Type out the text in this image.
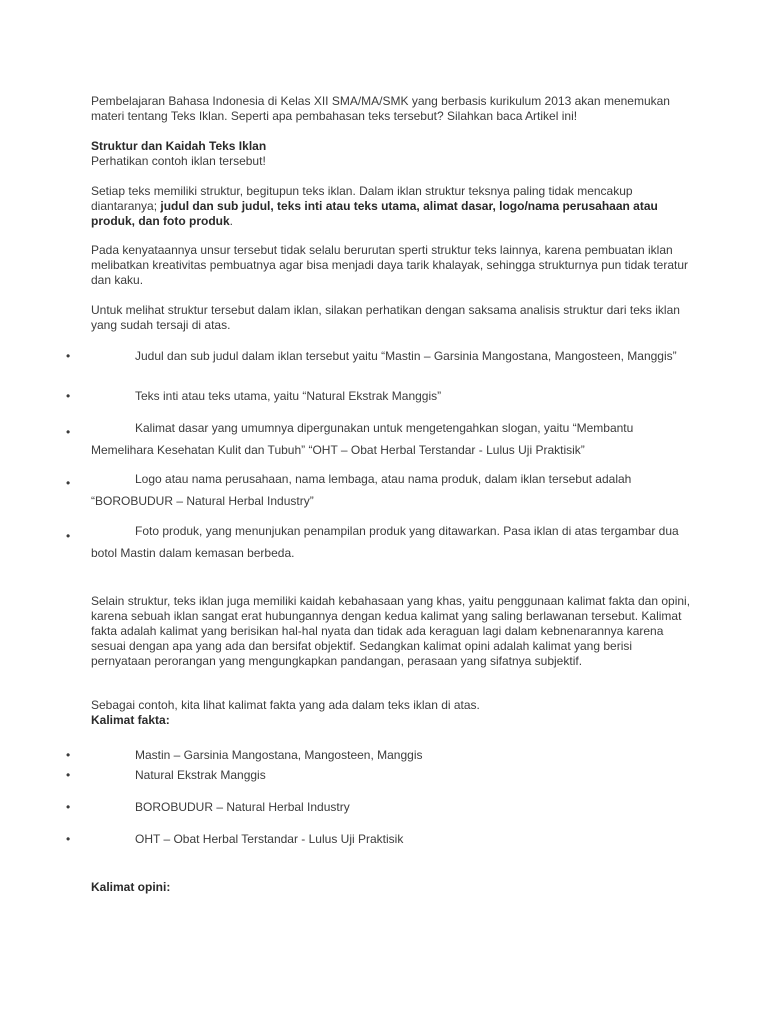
Pembelajaran Bahasa Indonesia di Kelas XII SMA/MA/SMK yang berbasis kurikulum 2013 akan menemukan materi tentang Teks Iklan. Seperti apa pembahasan teks tersebut? Silahkan baca Artikel ini!

Struktur dan Kaidah Teks Iklan

Perhatikan contoh iklan tersebut!

Setiap teks memiliki struktur, begitupun teks iklan. Dalam iklan struktur teksnya paling tidak mencakup diantaranya; judul dan sub judul, teks inti atau teks utama, alimat dasar, logo/nama perusahaan atau produk, dan foto produk.

Pada kenyataannya unsur tersebut tidak selalu berurutan sperti struktur teks lainnya, karena pembuatan iklan melibatkan kreativitas pembuatnya agar bisa menjadi daya tarik khalayak, sehingga strukturnya pun tidak teratur dan kaku.

Untuk melihat struktur tersebut dalam iklan, silakan perhatikan dengan saksama analisis struktur dari teks iklan yang sudah tersaji di atas.

•	Judul dan sub judul dalam iklan tersebut yaitu “Mastin – Garsinia Mangostana, Mangosteen, Manggis”

•	Teks inti atau teks utama, yaitu “Natural Ekstrak Manggis”

•	Kalimat dasar yang umumnya dipergunakan untuk mengetengahkan slogan, yaitu “Membantu Memelihara Kesehatan Kulit dan Tubuh” “OHT – Obat Herbal Terstandar - Lulus Uji Praktisik”

•	Logo atau nama perusahaan, nama lembaga, atau nama produk, dalam iklan tersebut adalah “BOROBUDUR – Natural Herbal Industry”

•	Foto produk, yang menunjukan penampilan produk yang ditawarkan. Pasa iklan di atas tergambar dua botol Mastin dalam kemasan berbeda.

Selain struktur, teks iklan juga memiliki kaidah kebahasaan yang khas, yaitu penggunaan kalimat fakta dan opini, karena sebuah iklan sangat erat hubungannya dengan kedua kalimat yang saling berlawanan tersebut. Kalimat fakta adalah kalimat yang berisikan hal-hal nyata dan tidak ada keraguan lagi dalam kebnenarannya karena sesuai dengan apa yang ada dan bersifat objektif. Sedangkan kalimat opini adalah kalimat yang berisi pernyataan perorangan yang mengungkapkan pandangan, perasaan yang sifatnya subjektif.

Sebagai contoh, kita lihat kalimat fakta yang ada dalam teks iklan di atas.

Kalimat fakta:

•	Mastin – Garsinia Mangostana, Mangosteen, Manggis

•	Natural Ekstrak Manggis

•	BOROBUDUR – Natural Herbal Industry

•	OHT – Obat Herbal Terstandar - Lulus Uji Praktisik

Kalimat opini:
